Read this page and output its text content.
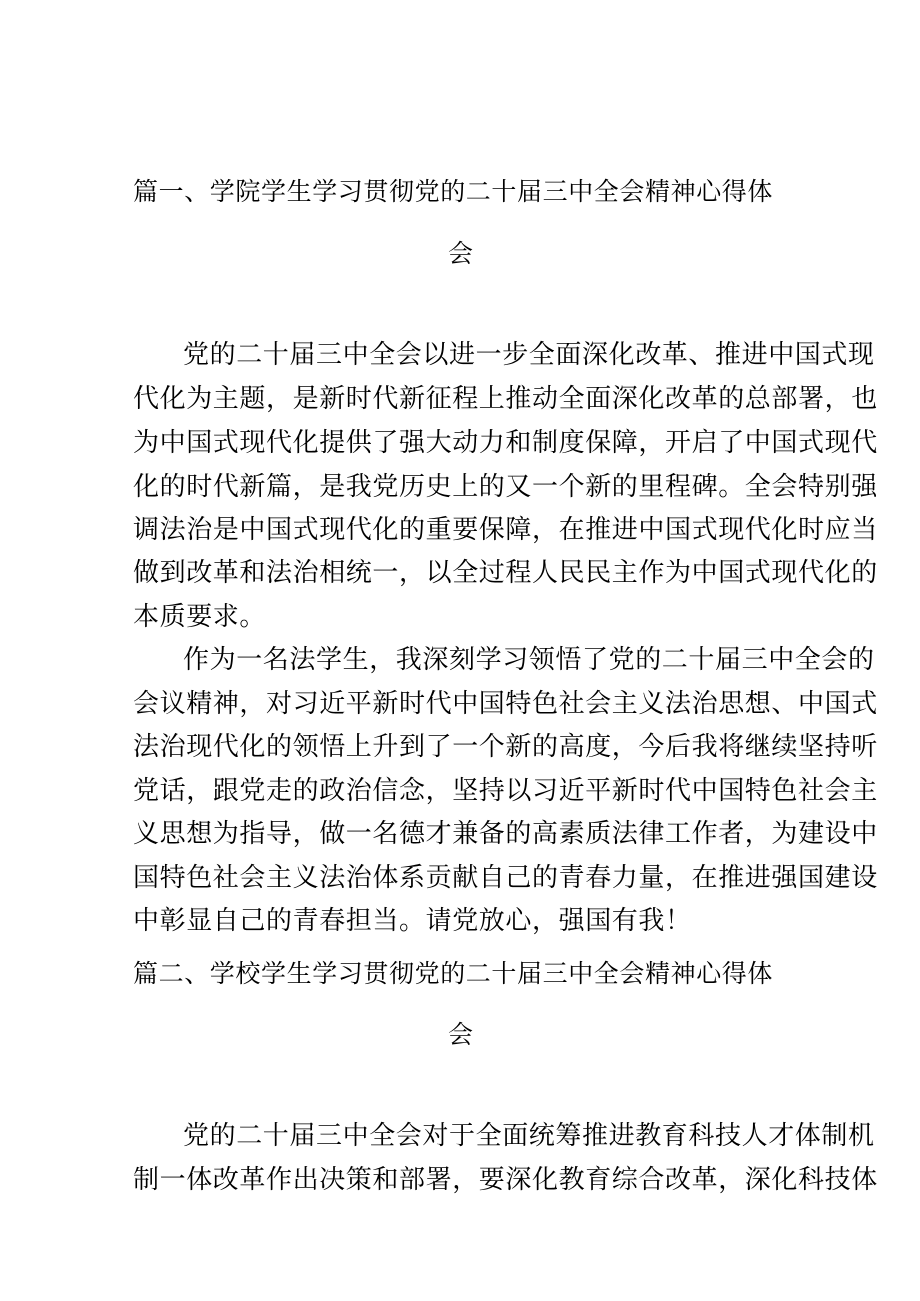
篇一、学院学生学习贯彻党的二十届三中全会精神心得体
会
党的二十届三中全会以进一步全面深化改革、推进中国式现
代化为主题，是新时代新征程上推动全面深化改革的总部署，也
为中国式现代化提供了强大动力和制度保障，开启了中国式现代
化的时代新篇，是我党历史上的又一个新的里程碑。全会特别强
调法治是中国式现代化的重要保障，在推进中国式现代化时应当
做到改革和法治相统一，以全过程人民民主作为中国式现代化的
本质要求。
作为一名法学生，我深刻学习领悟了党的二十届三中全会的
会议精神，对习近平新时代中国特色社会主义法治思想、中国式
法治现代化的领悟上升到了一个新的高度，今后我将继续坚持听
党话，跟党走的政治信念，坚持以习近平新时代中国特色社会主
义思想为指导，做一名德才兼备的高素质法律工作者，为建设中
国特色社会主义法治体系贡献自己的青春力量，在推进强国建设
中彰显自己的青春担当。请党放心，强国有我！
篇二、学校学生学习贯彻党的二十届三中全会精神心得体
会
党的二十届三中全会对于全面统筹推进教育科技人才体制机
制一体改革作出决策和部署，要深化教育综合改革，深化科技体
